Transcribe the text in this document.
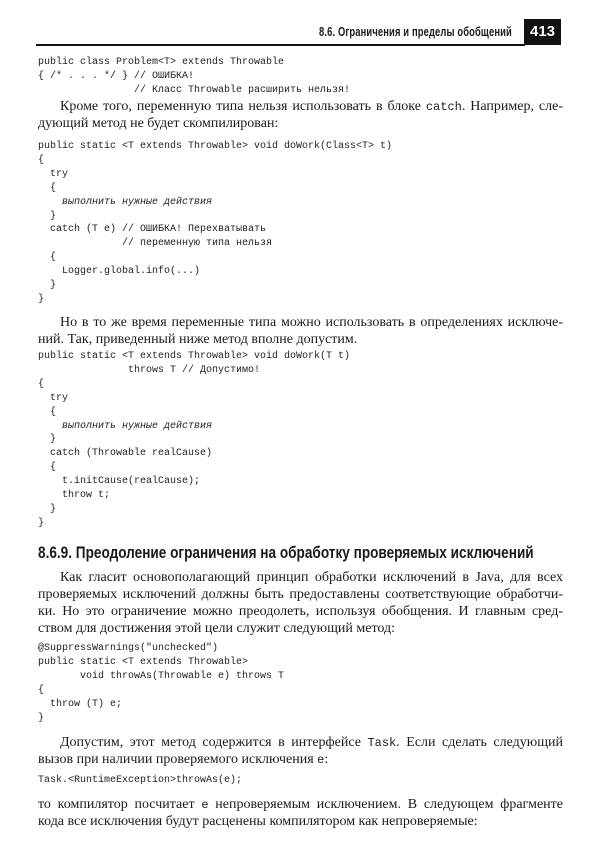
8.6. Ограничения и пределы обобщений	413
public class Problem<T> extends Throwable
{ /* . . . */ } // ОШИБКА!
// Класс Throwable расширить нельзя!
Кроме того, переменную типа нельзя использовать в блоке catch. Например, сле-
дующий метод не будет скомпилирован:
public static <T extends Throwable> void doWork(Class<T> t)
{
try
{
выполнить нужные действия
}
catch (T e) // ОШИБКА! Перехватывать
// переменную типа нельзя
{
Logger.global.info(...)
}
}
Но в то же время переменные типа можно использовать в определениях исключе-
ний. Так, приведенный ниже метод вполне допустим.
public static <T extends Throwable> void doWork(T t)
throws T // Допустимо!
{
try
{
выполнить нужные действия
}
catch (Throwable realCause)
{
t.initCause(realCause);
throw t;
}
}
8.6.9. Преодоление ограничения на обработку проверяемых исключений
Как гласит основополагающий принцип обработки исключений в Java, для всех
проверяемых исключений должны быть предоставлены соответствующие обработчи-
ки. Но это ограничение можно преодолеть, используя обобщения. И главным сред-
ством для достижения этой цели служит следующий метод:
@SuppressWarnings("unchecked")
public static <T extends Throwable>
void throwAs(Throwable e) throws T
{
throw (T) e;
}
Допустим, этот метод содержится в интерфейсе Task. Если сделать следующий
вызов при наличии проверяемого исключения e:
Task.<RuntimeException>throwAs(e);
то компилятор посчитает e непроверяемым исключением. В следующем фрагменте
кода все исключения будут расценены компилятором как непроверяемые:
